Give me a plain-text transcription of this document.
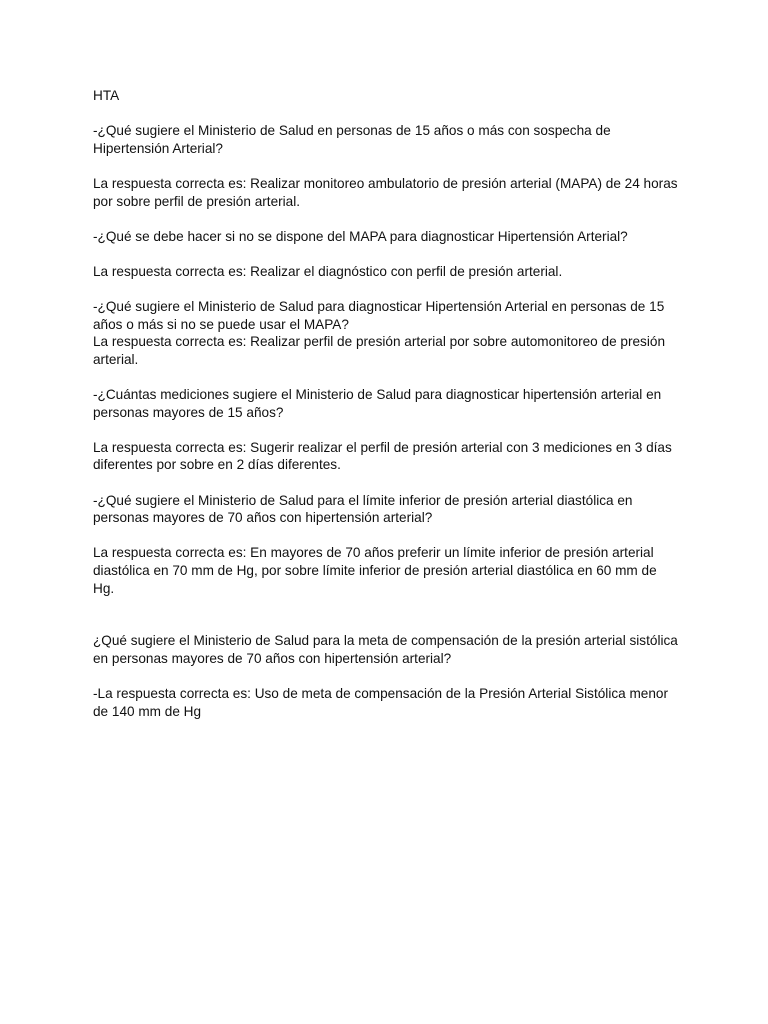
HTA

-¿Qué sugiere el Ministerio de Salud en personas de 15 años o más con sospecha de Hipertensión Arterial?

La respuesta correcta es: Realizar monitoreo ambulatorio de presión arterial (MAPA) de 24 horas por sobre perfil de presión arterial.

-¿Qué se debe hacer si no se dispone del MAPA para diagnosticar Hipertensión Arterial?

La respuesta correcta es: Realizar el diagnóstico con perfil de presión arterial.

-¿Qué sugiere el Ministerio de Salud para diagnosticar Hipertensión Arterial en personas de 15 años o más si no se puede usar el MAPA?

La respuesta correcta es: Realizar perfil de presión arterial por sobre automonitoreo de presión arterial.

-¿Cuántas mediciones sugiere el Ministerio de Salud para diagnosticar hipertensión arterial en personas mayores de 15 años?

La respuesta correcta es: Sugerir realizar el perfil de presión arterial con 3 mediciones en 3 días diferentes por sobre en 2 días diferentes.

-¿Qué sugiere el Ministerio de Salud para el límite inferior de presión arterial diastólica en personas mayores de 70 años con hipertensión arterial?

La respuesta correcta es: En mayores de 70 años preferir un límite inferior de presión arterial diastólica en 70 mm de Hg, por sobre límite inferior de presión arterial diastólica en 60 mm de Hg.

¿Qué sugiere el Ministerio de Salud para la meta de compensación de la presión arterial sistólica en personas mayores de 70 años con hipertensión arterial?

-La respuesta correcta es: Uso de meta de compensación de la Presión Arterial Sistólica menor de 140 mm de Hg
